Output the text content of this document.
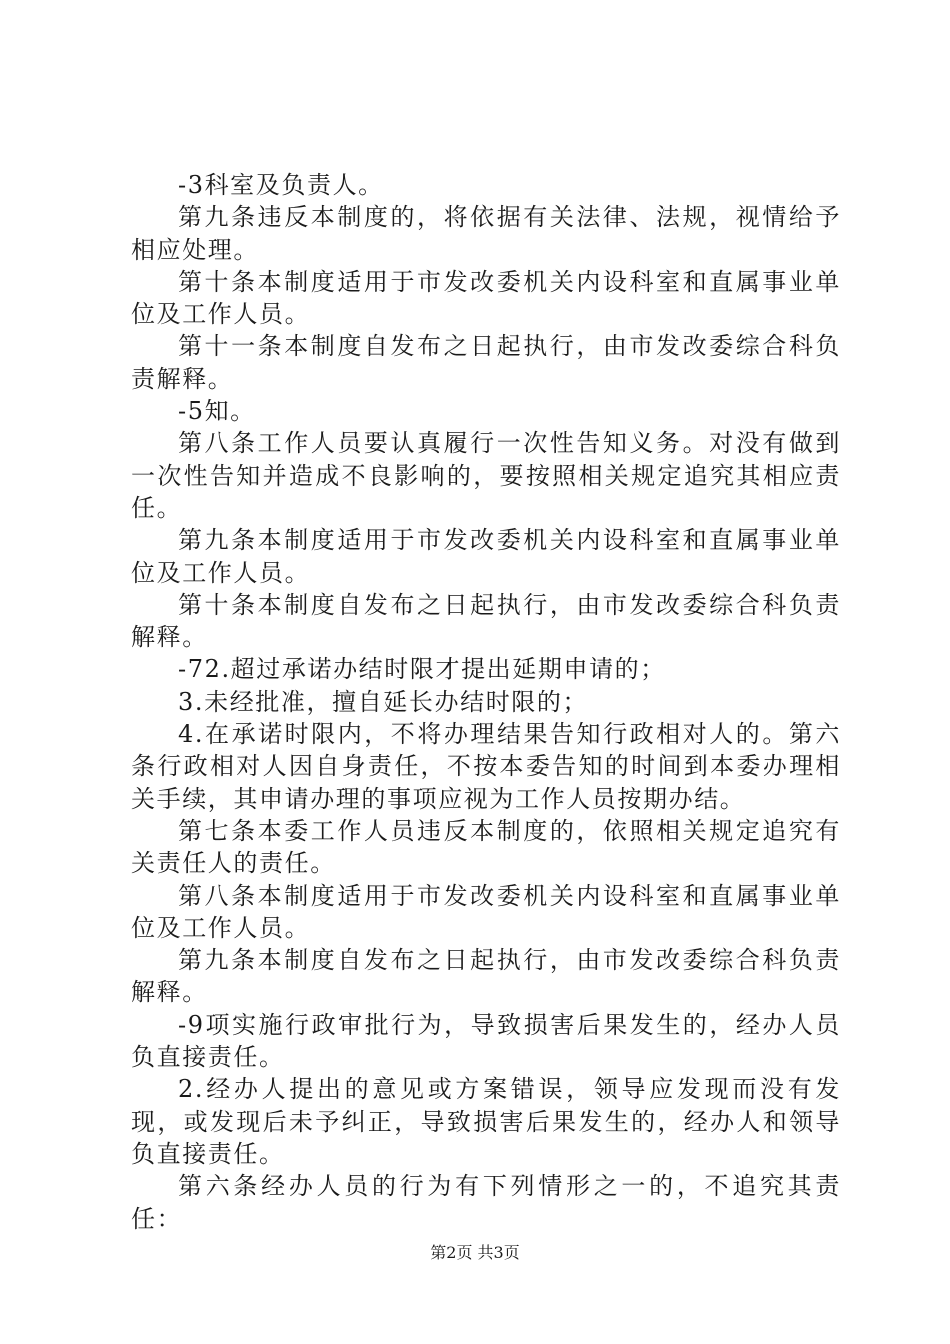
-3科室及负责人。

第九条违反本制度的，将依据有关法律、法规，视情给予相应处理。

第十条本制度适用于市发改委机关内设科室和直属事业单位及工作人员。

第十一条本制度自发布之日起执行，由市发改委综合科负责解释。

-5知。

第八条工作人员要认真履行一次性告知义务。对没有做到一次性告知并造成不良影响的，要按照相关规定追究其相应责任。

第九条本制度适用于市发改委机关内设科室和直属事业单位及工作人员。

第十条本制度自发布之日起执行，由市发改委综合科负责解释。

-72.超过承诺办结时限才提出延期申请的；

3.未经批准，擅自延长办结时限的；

4.在承诺时限内，不将办理结果告知行政相对人的。第六条行政相对人因自身责任，不按本委告知的时间到本委办理相关手续，其申请办理的事项应视为工作人员按期办结。

第七条本委工作人员违反本制度的，依照相关规定追究有关责任人的责任。

第八条本制度适用于市发改委机关内设科室和直属事业单位及工作人员。

第九条本制度自发布之日起执行，由市发改委综合科负责解释。

-9项实施行政审批行为，导致损害后果发生的，经办人员负直接责任。

2.经办人提出的意见或方案错误，领导应发现而没有发现，或发现后未予纠正，导致损害后果发生的，经办人和领导负直接责任。

第六条经办人员的行为有下列情形之一的，不追究其责任：

第2页 共3页
